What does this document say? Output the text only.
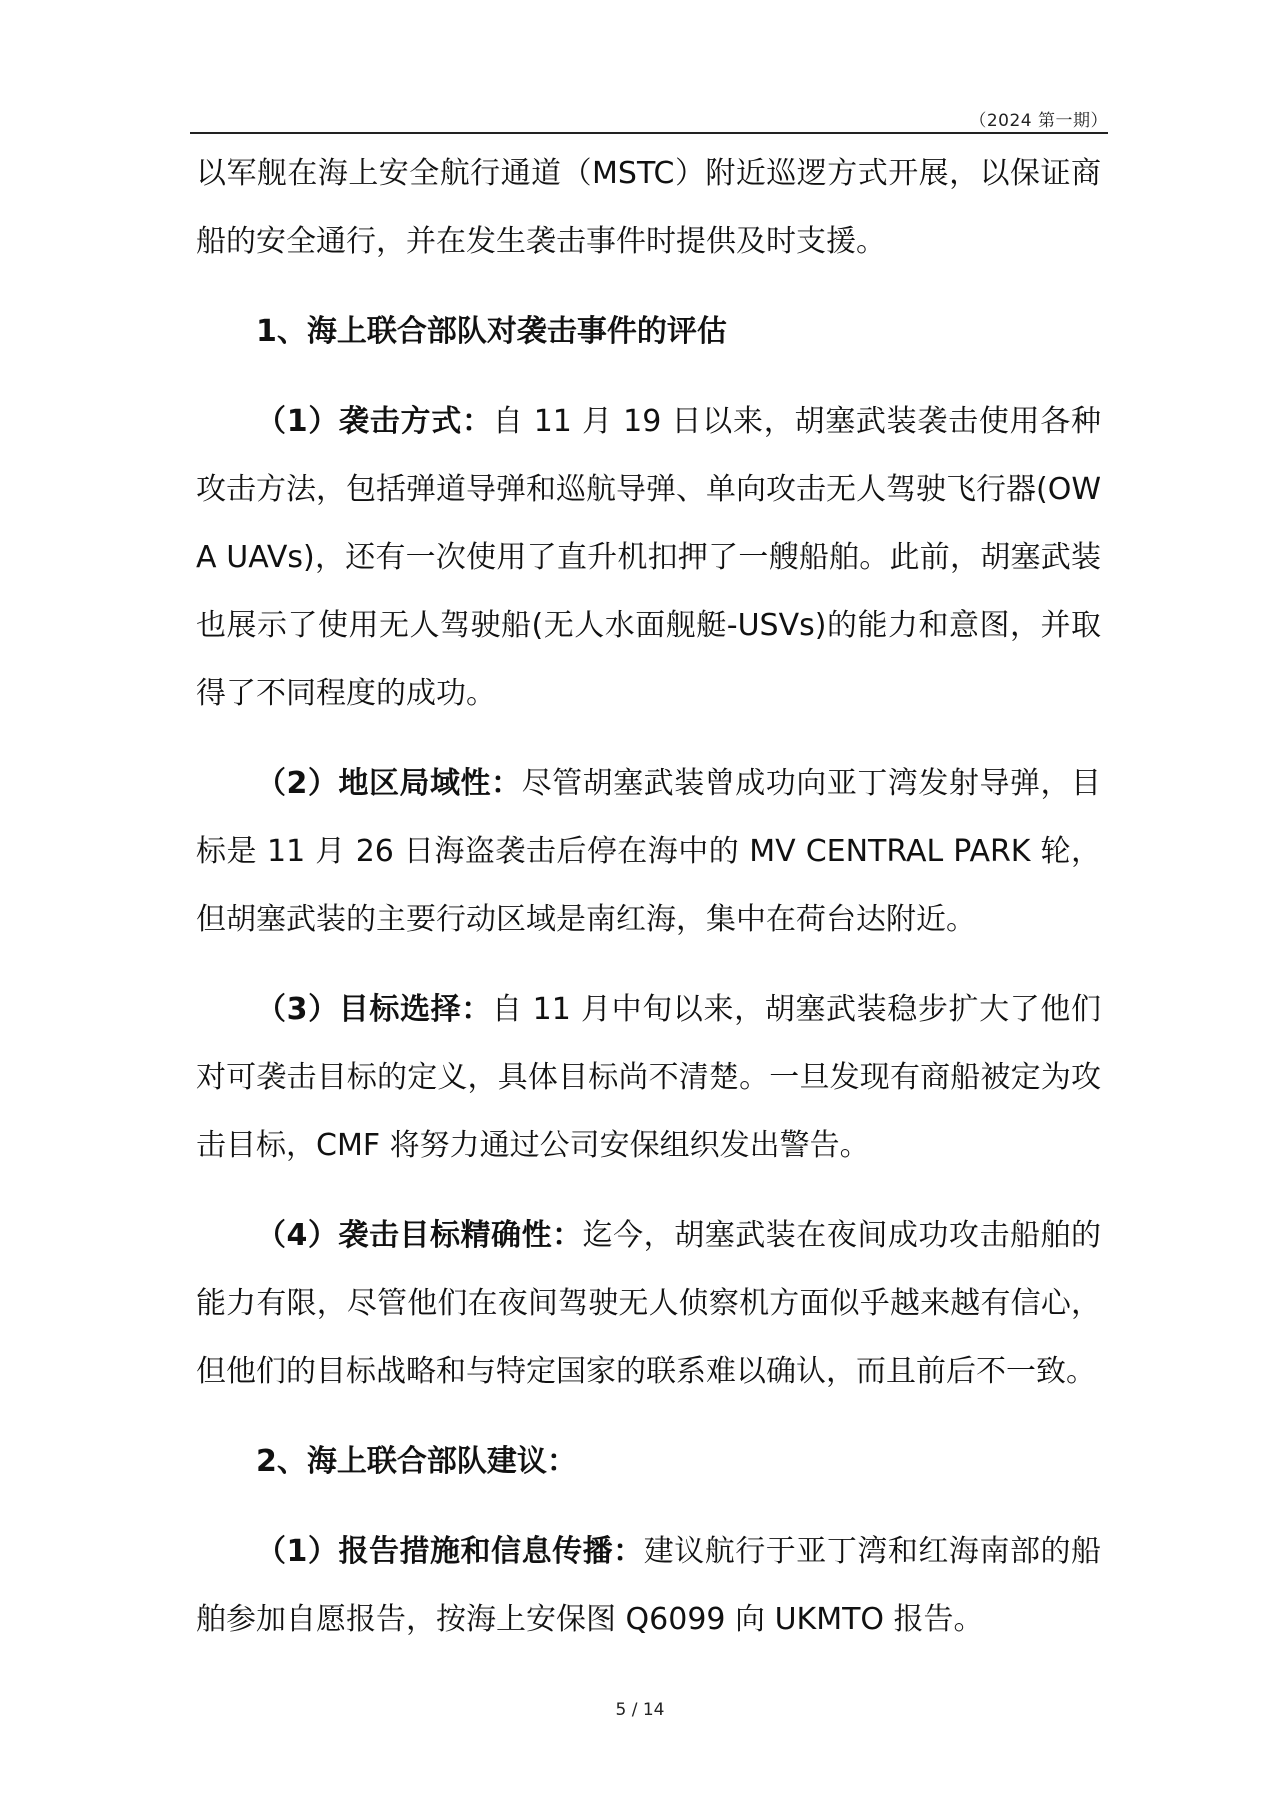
（2024 第一期）

以军舰在海上安全航行通道（MSTC）附近巡逻方式开展，以保证商船的安全通行，并在发生袭击事件时提供及时支援。

1、海上联合部队对袭击事件的评估

（1）袭击方式：自 11 月 19 日以来，胡塞武装袭击使用各种攻击方法，包括弹道导弹和巡航导弹、单向攻击无人驾驶飞行器(OWA UAVs)，还有一次使用了直升机扣押了一艘船舶。此前，胡塞武装也展示了使用无人驾驶船(无人水面舰艇-USVs)的能力和意图，并取得了不同程度的成功。

（2）地区局域性：尽管胡塞武装曾成功向亚丁湾发射导弹，目标是 11 月 26 日海盗袭击后停在海中的 MV CENTRAL PARK 轮，但胡塞武装的主要行动区域是南红海，集中在荷台达附近。

（3）目标选择：自 11 月中旬以来，胡塞武装稳步扩大了他们对可袭击目标的定义，具体目标尚不清楚。一旦发现有商船被定为攻击目标，CMF 将努力通过公司安保组织发出警告。

（4）袭击目标精确性：迄今，胡塞武装在夜间成功攻击船舶的能力有限，尽管他们在夜间驾驶无人侦察机方面似乎越来越有信心，但他们的目标战略和与特定国家的联系难以确认，而且前后不一致。

2、海上联合部队建议：

（1）报告措施和信息传播：建议航行于亚丁湾和红海南部的船舶参加自愿报告，按海上安保图 Q6099 向 UKMTO 报告。

5 / 14
